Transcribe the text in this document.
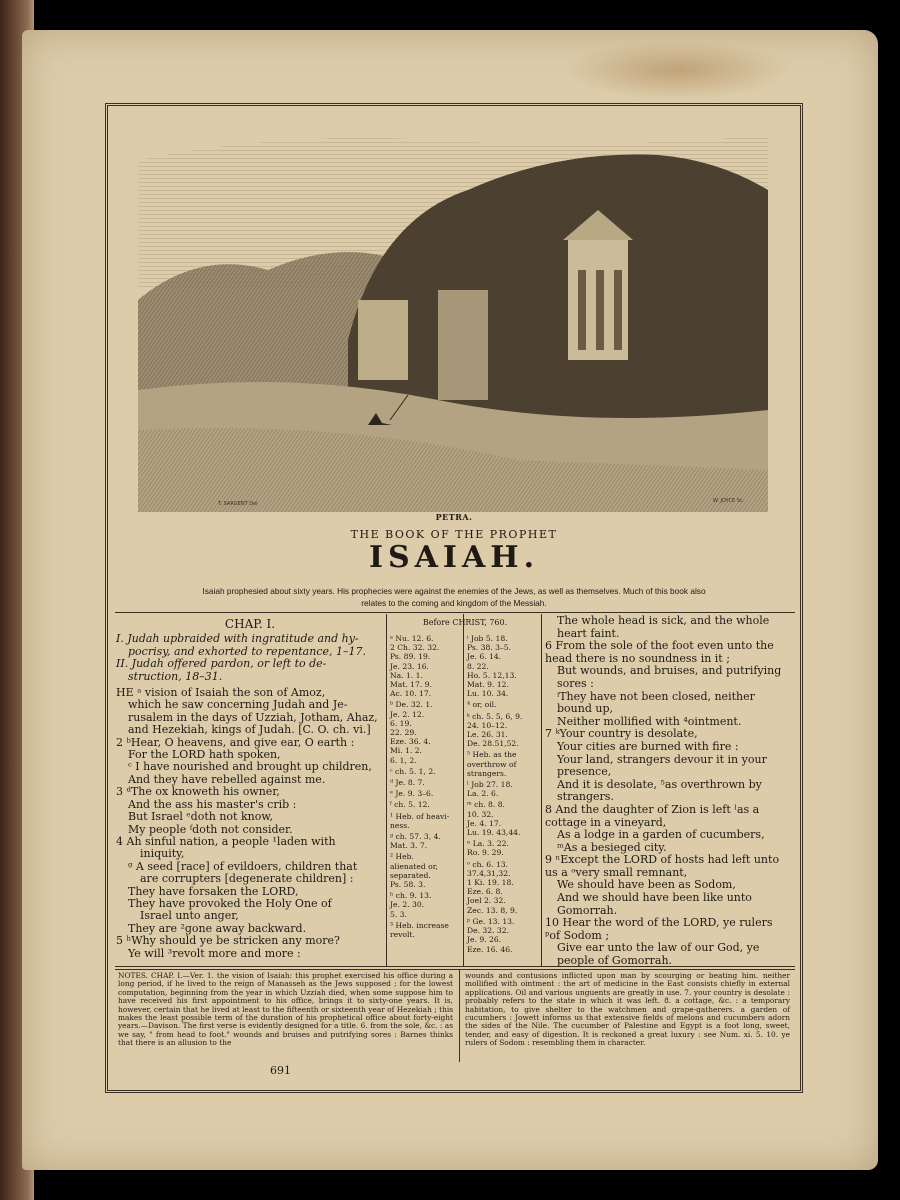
T. SARGENT Del	W. JOYCE Sc.
PETRA.
THE BOOK OF THE PROPHET
ISAIAH.
Isaiah prophesied about sixty years. His prophecies were against the enemies of the Jews, as well as themselves. Much of this book also
relates to the coming and kingdom of the Messiah.
CHAP. I.

I. Judah upbraided with ingratitude and hy-

pocrisy, and exhorted to repentance, 1–17.

II. Judah offered pardon, or left to de-

struction, 18–31.

HE ᵃ vision of Isaiah the son of Amoz,

which he saw concerning Judah and Je-

rusalem in the days of Uzziah, Jotham, Ahaz,

and Hezekiah, kings of Judah. [C. O. ch. vi.]

2 ᵇHear, O heavens, and give ear, O earth :

For the LORD hath spoken,

ᶜ I have nourished and brought up children,

And they have rebelled against me.

3 ᵈThe ox knoweth his owner,

And the ass his master's crib :

But Israel ᵉdoth not know,

My people ᶠdoth not consider.

4 Ah sinful nation, a people ¹laden with

iniquity,

ᵍ A seed [race] of evildoers, children that

are corrupters [degenerate children] :

They have forsaken the LORD,

They have provoked the Holy One of

Israel unto anger,

They are ²gone away backward.

5 ʰWhy should ye be stricken any more?

Ye will ³revolt more and more :

Before CHRIST, 760.
ᵃ Nu. 12. 6.
2 Ch. 32. 32.
Ps. 89. 19.
Je. 23. 16.
Na. 1. 1.
Mat. 17. 9.
Ac. 10. 17.
ᵇ De. 32. 1.
Je. 2. 12.
6. 19.
22. 29.
Eze. 36. 4.
Mi. 1. 2.
6. 1, 2.
ᶜ ch. 5. 1, 2.
ᵈ Je. 8. 7.
ᵉ Je. 9. 3–6.
ᶠ ch. 5. 12.
¹ Heb. of heavi-
ness.
ᵍ ch. 57. 3, 4.
Mat. 3. 7.
² Heb.
alienated or,
separated.
Ps. 58. 3.
ʰ ch. 9. 13.
Je. 2. 30.
5. 3.
³ Heb. increase
revolt.
ⁱ Job 5. 18.
Ps. 38. 3–5.
Je. 6. 14.
8. 22.
Ho. 5. 12,13.
Mat. 9. 12.
Lu. 10. 34.
⁴ or, oil.
ᵏ ch. 5. 5, 6, 9.
24. 10–12.
Le. 26. 31.
De. 28.51,52.
⁵ Heb. as the
overthrow of
strangers.
ˡ Job 27. 18.
La. 2. 6.
ᵐ ch. 8. 8.
10. 32.
Je. 4. 17.
Lu. 19. 43,44.
ⁿ La. 3. 22.
Ro. 9. 29.
ᵒ ch. 6. 13.
37.4,31,32.
1 Ki. 19. 18.
Eze. 6. 8.
Joel 2. 32.
Zec. 13. 8, 9.
ᵖ Ge. 13. 13.
De. 32. 32.
Je. 9. 26.
Eze. 16. 46.

The whole head is sick, and the whole heart faint.

6 From the sole of the foot even unto the head there is no soundness in it ;

But wounds, and bruises, and putrifying sores :

ⁱThey have not been closed, neither bound up,

Neither mollified with ⁴ointment.

7 ᵏYour country is desolate,

Your cities are burned with fire :

Your land, strangers devour it in your presence,

And it is desolate, ⁵as overthrown by strangers.

8 And the daughter of Zion is left ˡas a cottage in a vineyard,

As a lodge in a garden of cucumbers,

ᵐAs a besieged city.

9 ⁿExcept the LORD of hosts had left unto us a ᵒvery small remnant,

We should have been as Sodom,

And we should have been like unto Gomorrah.

10 Hear the word of the LORD, ye rulers ᵖof Sodom ;

Give ear unto the law of our God, ye people of Gomorrah.

NOTES. CHAP. I.—Ver. 1. the vision of Isaiah: this prophet exercised his office during a long period, if he lived to the reign of Manasseh as the Jews supposed ; for the lowest computation, beginning from the year in which Uzziah died, when some suppose him to have received his first appointment to his office, brings it to sixty-one years. It is, however, certain that he lived at least to the fifteenth or sixteenth year of Hezekiah ; this makes the least possible term of the duration of his prophetical office about forty-eight years.—Davison. The first verse is evidently designed for a title. 6. from the sole, &c. : as we say, " from head to foot." wounds and bruises and putrifying sores : Barnes thinks that there is an allusion to the
wounds and contusions inflicted upon man by scourging or beating him. neither mollified with ointment : the art of medicine in the East consists chiefly in external applications. Oil and various unguents are greatly in use. 7. your country is desolate : probably refers to the state in which it was left. 8. a cottage, &c. : a temporary habitation, to give shelter to the watchmen and grape-gatherers. a garden of cucumbers : Jowett informs us that extensive fields of melons and cucumbers adorn the sides of the Nile. The cucumber of Palestine and Egypt is a foot long, sweet, tender, and easy of digestion. It is reckoned a great luxury : see Num. xi. 5. 10. ye rulers of Sodom : resembling them in character.
691
